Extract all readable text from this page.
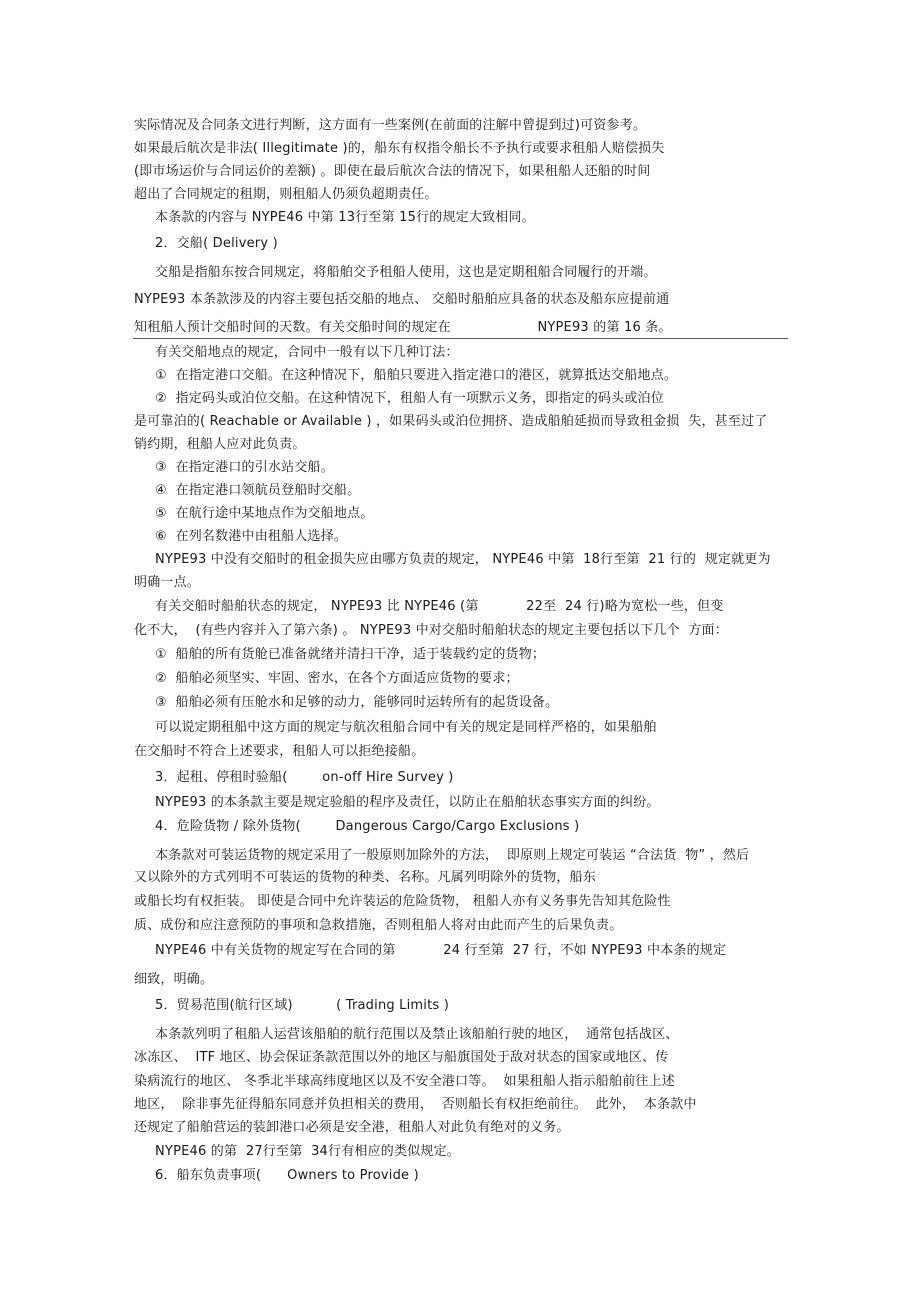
实际情况及合同条文进行判断，这方面有一些案例(在前面的注解中曾提到过)可资参考。
如果最后航次是非法( Illegitimate )的，船东有权指令船长不予执行或要求租船人赔偿损失
(即市场运价与合同运价的差额) 。即使在最后航次合法的情况下，如果租船人还船的时间
超出了合同规定的租期，则租船人仍须负超期责任。
本条款的内容与 NYPE46 中第 13行至第 15行的规定大致相同。
2．交船( Delivery )
交船是指船东按合同规定，将船舶交予租船人使用，这也是定期租船合同履行的开端。
NYPE93 本条款涉及的内容主要包括交船的地点、 交船时船舶应具备的状态及船东应提前通
知租船人预计交船时间的天数。有关交船时间的规定在                    NYPE93 的第 16 条。
有关交船地点的规定，合同中一般有以下几种订法：
①  在指定港口交船。在这种情况下，船舶只要进入指定港口的港区，就算抵达交船地点。
②  指定码头或泊位交船。在这种情况下，租船人有一项默示义务，即指定的码头或泊位
是可靠泊的( Reachable or Available ) ，如果码头或泊位拥挤、造成船舶延损而导致租金损  失，甚至过了
销约期，租船人应对此负责。
③  在指定港口的引水站交船。
④  在指定港口领航员登船时交船。
⑤  在航行途中某地点作为交船地点。
⑥  在列名数港中由租船人选择。
NYPE93 中没有交船时的租金损失应由哪方负责的规定， NYPE46 中第  18行至第  21 行的  规定就更为
明确一点。
有关交船时船舶状态的规定， NYPE93 比 NYPE46 (第           22至  24 行)略为宽松一些，但变
化不大，  (有些内容并入了第六条) 。 NYPE93 中对交船时船舶状态的规定主要包括以下几个  方面：
①  船舶的所有货舱已准备就绪并清扫干净，适于装载约定的货物；
②  船舶必须坚实、牢固、密水，在各个方面适应货物的要求；
③  船舶必须有压舱水和足够的动力，能够同时运转所有的起货设备。
可以说定期租船中这方面的规定与航次租船合同中有关的规定是同样严格的，如果船舶
在交船时不符合上述要求，租船人可以拒绝接船。
3．起租、停租时验船(        on-off Hire Survey )
NYPE93 的本条款主要是规定验船的程序及责任，以防止在船舶状态事实方面的纠纷。
4．危险货物 / 除外货物(        Dangerous Cargo/Cargo Exclusions )
本条款对可装运货物的规定采用了一般原则加除外的方法，  即原则上规定可装运 “合法货  物” ，然后
又以除外的方式列明不可装运的货物的种类、名称。凡属列明除外的货物，船东
或船长均有权拒装。 即使是合同中允许装运的危险货物， 租船人亦有义务事先告知其危险性
质、成份和应注意预防的事项和急救措施，否则租船人将对由此而产生的后果负责。
NYPE46 中有关货物的规定写在合同的第           24 行至第  27 行，不如 NYPE93 中本条的规定
细致，明确。
5．贸易范围(航行区域)          ( Trading Limits )
本条款列明了租船人运营该船舶的航行范围以及禁止该船舶行驶的地区，  通常包括战区、
冰冻区、  ITF 地区、协会保证条款范围以外的地区与船旗国处于敌对状态的国家或地区、传
染病流行的地区、 冬季北半球高纬度地区以及不安全港口等。  如果租船人指示船舶前往上述
地区，  除非事先征得船东同意并负担相关的费用，  否则船长有权拒绝前往。  此外，  本条款中
还规定了船舶营运的装卸港口必须是安全港，租船人对此负有绝对的义务。
NYPE46 的第  27行至第  34行有相应的类似规定。
6．船东负责事项(      Owners to Provide )
